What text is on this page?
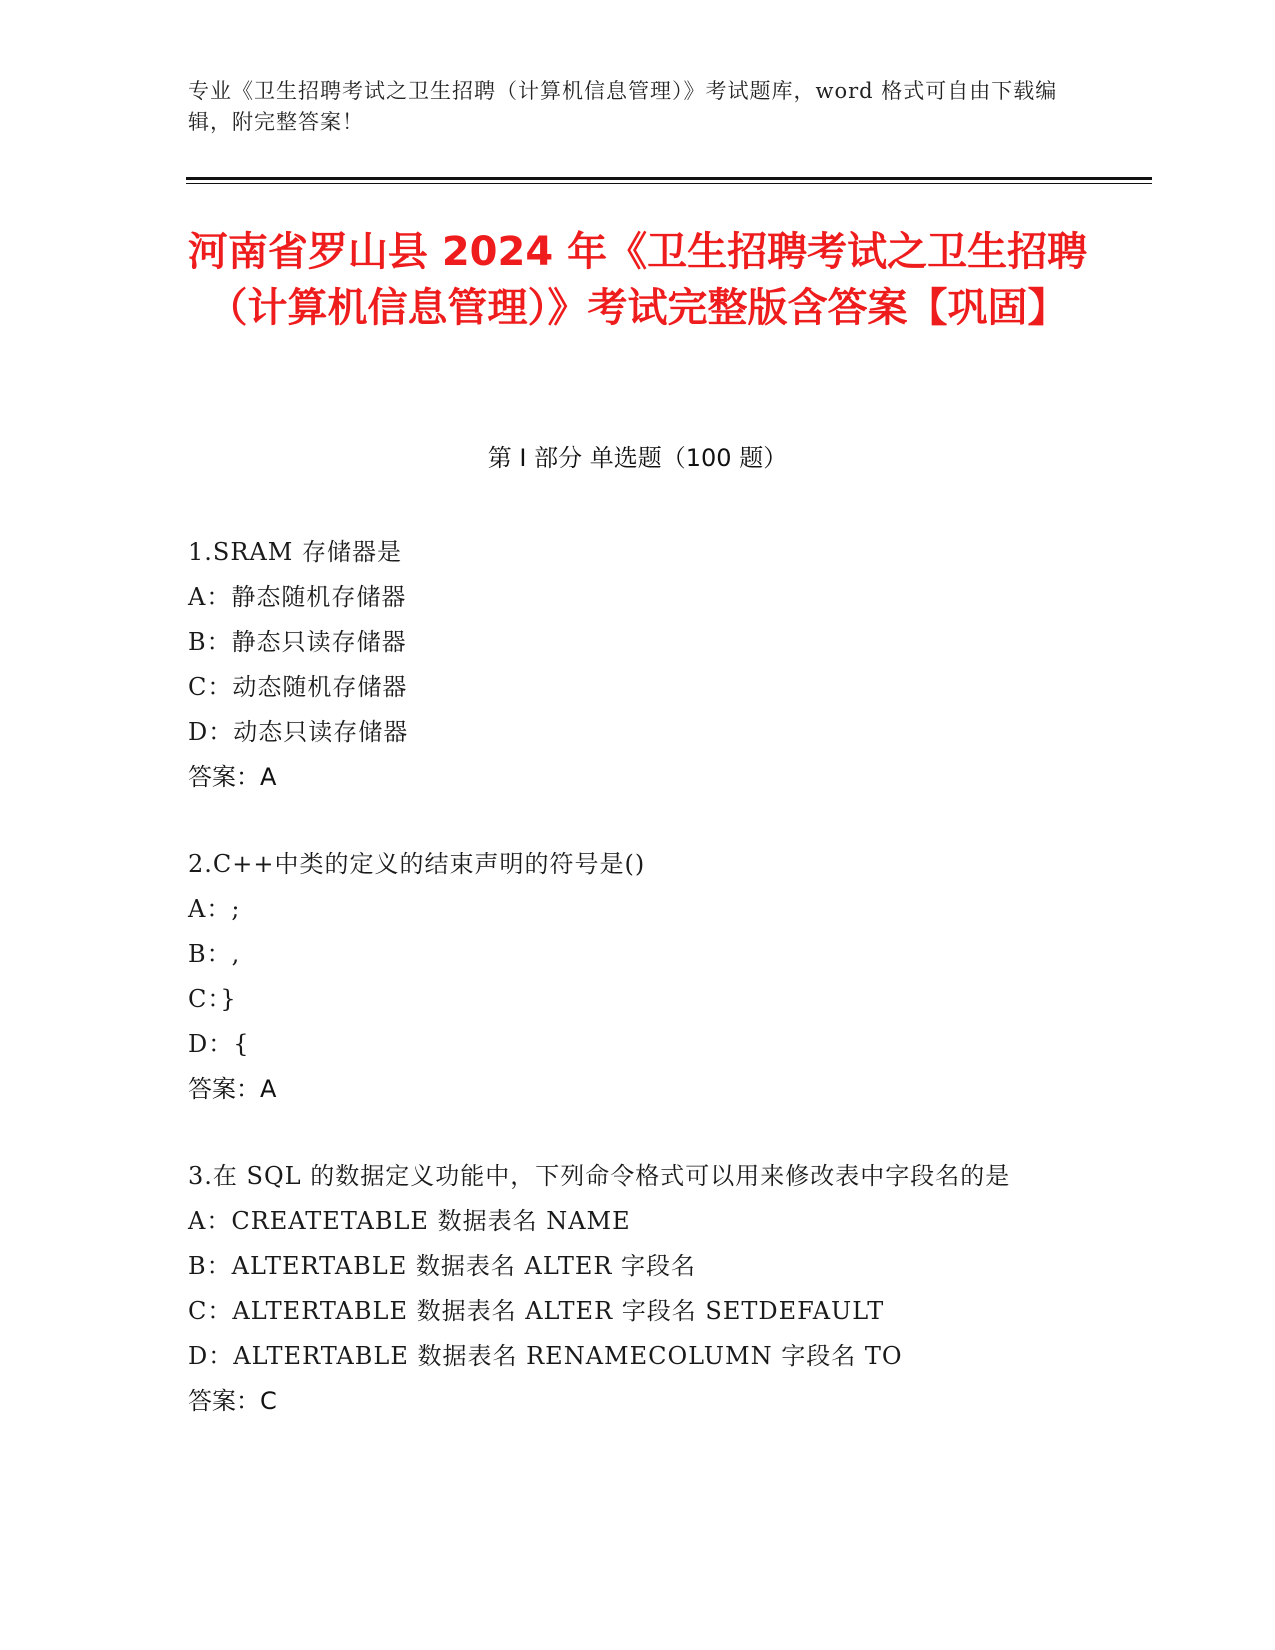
专业《卫生招聘考试之卫生招聘（计算机信息管理）》考试题库，word 格式可自由下载编辑，附完整答案！
河南省罗山县 2024 年《卫生招聘考试之卫生招聘（计算机信息管理）》考试完整版含答案【巩固】
第 I 部分 单选题（100 题）
1.SRAM 存储器是
A：静态随机存储器
B：静态只读存储器
C：动态随机存储器
D：动态只读存储器
答案：A
2.C++中类的定义的结束声明的符号是()
A：;
B：,
C：}
D：{
答案：A
3.在 SQL 的数据定义功能中，下列命令格式可以用来修改表中字段名的是
A：CREATETABLE 数据表名 NAME
B：ALTERTABLE 数据表名 ALTER 字段名
C：ALTERTABLE 数据表名 ALTER 字段名 SETDEFAULT
D：ALTERTABLE 数据表名 RENAMECOLUMN 字段名 TO
答案：C
